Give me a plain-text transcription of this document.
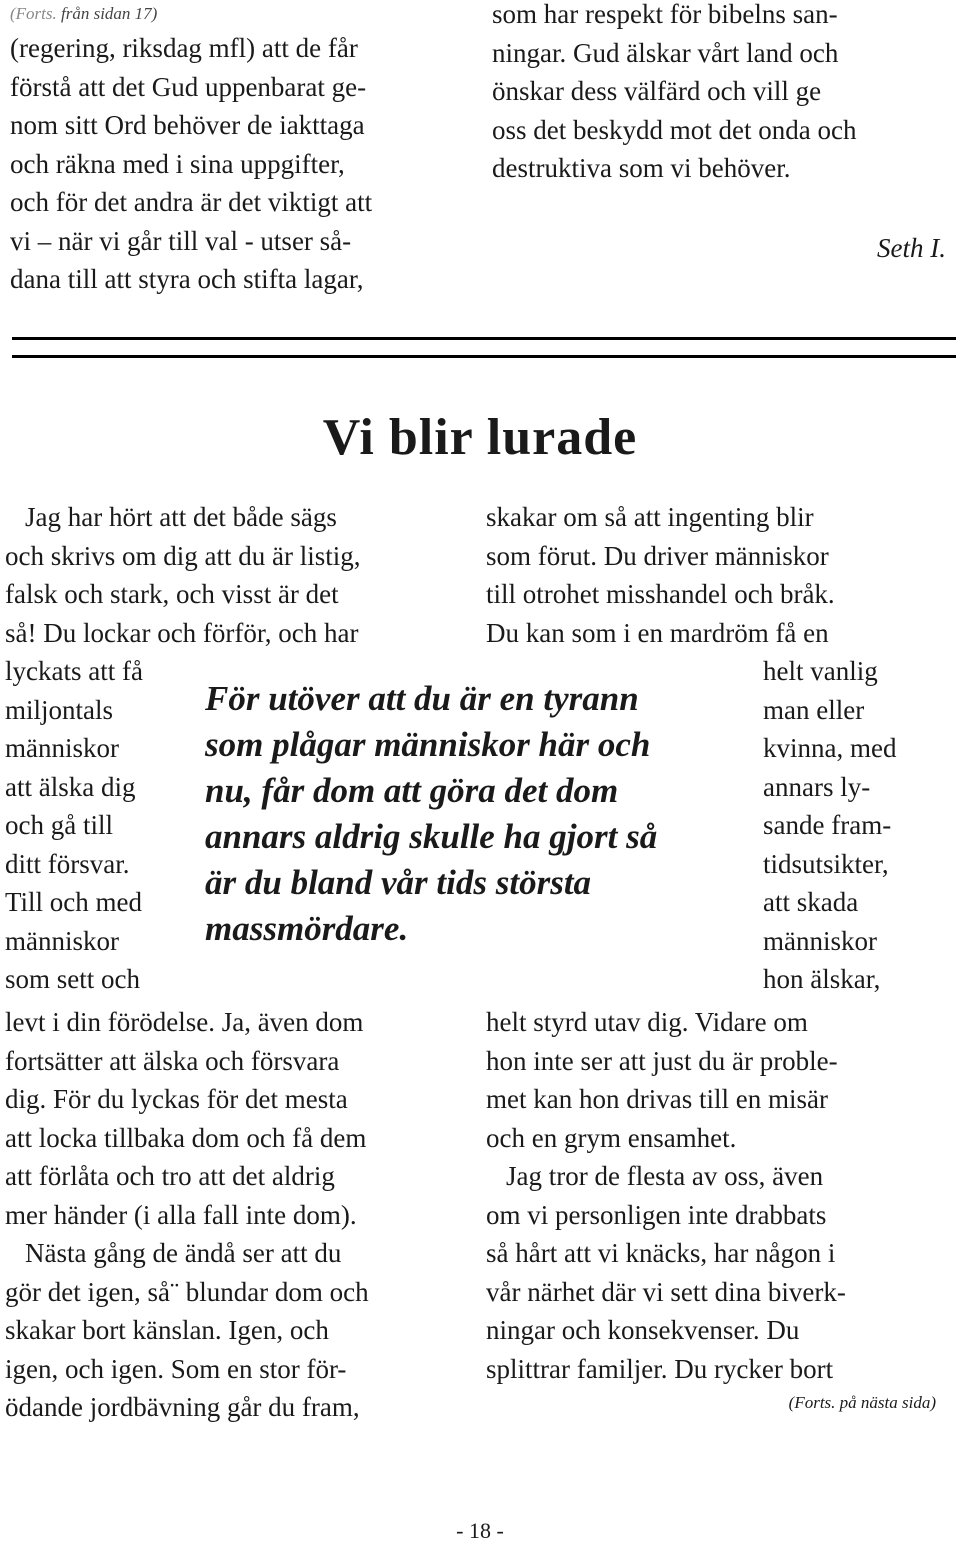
(Forts. från sidan 17)
(regering, riksdag mfl) att de får
förstå att det Gud uppenbarat ge-
nom sitt Ord behöver de iakttaga
och räkna med i sina uppgifter,
och för det andra är det viktigt att
vi – när vi går till val - utser så-
dana till att styra och stifta lagar,
som har respekt för bibelns san-
ningar. Gud älskar vårt land och
önskar dess välfärd och vill ge
oss det beskydd mot det onda och
destruktiva som vi behöver.
Seth I.
Vi blir lurade
Jag har hört att det både sägs
och skrivs om dig att du är listig,
falsk och stark, och visst är det
så! Du lockar och förför, och har
lyckats att få
miljontals
människor
att älska dig
och gå till
ditt försvar.
Till och med
människor
som sett och
levt i din förödelse. Ja, även dom
fortsätter att älska och försvara
dig. För du lyckas för det mesta
att locka tillbaka dom och få dem
att förlåta och tro att det aldrig
mer händer (i alla fall inte dom).
Nästa gång de ändå ser att du
gör det igen, så¨ blundar dom och
skakar bort känslan. Igen, och
igen, och igen. Som en stor för-
ödande jordbävning går du fram,
skakar om så att ingenting blir
som förut. Du driver människor
till otrohet misshandel och bråk.
Du kan som i en mardröm få en
helt vanlig
man eller
kvinna, med
annars ly-
sande fram-
tidsutsikter,
att skada
människor
hon älskar,
helt styrd utav dig. Vidare om
hon inte ser att just du är proble-
met kan hon drivas till en misär
och en grym ensamhet.
Jag tror de flesta av oss, även
om vi personligen inte drabbats
så hårt att vi knäcks, har någon i
vår närhet där vi sett dina biverk-
ningar och konsekvenser. Du
splittrar familjer. Du rycker bort
(Forts. på nästa sida)
För utöver att du är en tyrann
som plågar människor här och
nu, får dom att göra det dom
annars aldrig skulle ha gjort så
är du bland vår tids största
massmördare.
- 18 -
